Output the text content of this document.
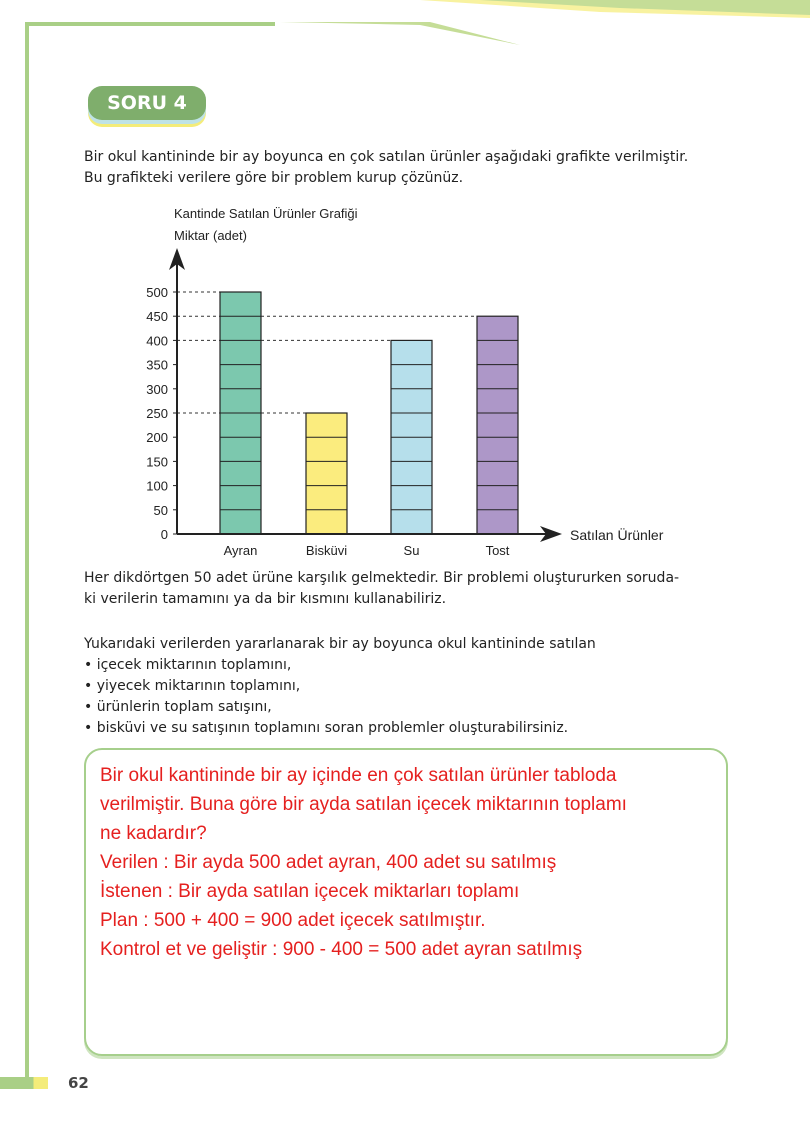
SORU 4
Bir okul kantininde bir ay boyunca en çok satılan ürünler aşağıdaki grafikte verilmiştir.
Bu grafikteki verilere göre bir problem kurup çözünüz.
Kantinde Satılan Ürünler Grafiği
Miktar (adet)
Ayran	Bisküvi	Su	Tost
0
50
100
150
200
250
300
350
400
450
500
Satılan Ürünler
Her dikdörtgen 50 adet ürüne karşılık gelmektedir. Bir problemi oluştururken soruda-
ki verilerin tamamını ya da bir kısmını kullanabiliriz.
Yukarıdaki verilerden yararlanarak bir ay boyunca okul kantininde satılan
• içecek miktarının toplamını,
• yiyecek miktarının toplamını,
• ürünlerin toplam satışını,
• bisküvi ve su satışının toplamını soran problemler oluşturabilirsiniz.
Bir okul kantininde bir ay içinde en çok satılan ürünler tabloda
verilmiştir. Buna göre bir ayda satılan içecek miktarının toplamı
ne kadardır?
Verilen : Bir ayda 500 adet ayran, 400 adet su satılmış
İstenen : Bir ayda satılan içecek miktarları toplamı
Plan : 500 + 400 = 900 adet içecek satılmıştır.
Kontrol et ve geliştir : 900 - 400 = 500 adet ayran satılmış
62
